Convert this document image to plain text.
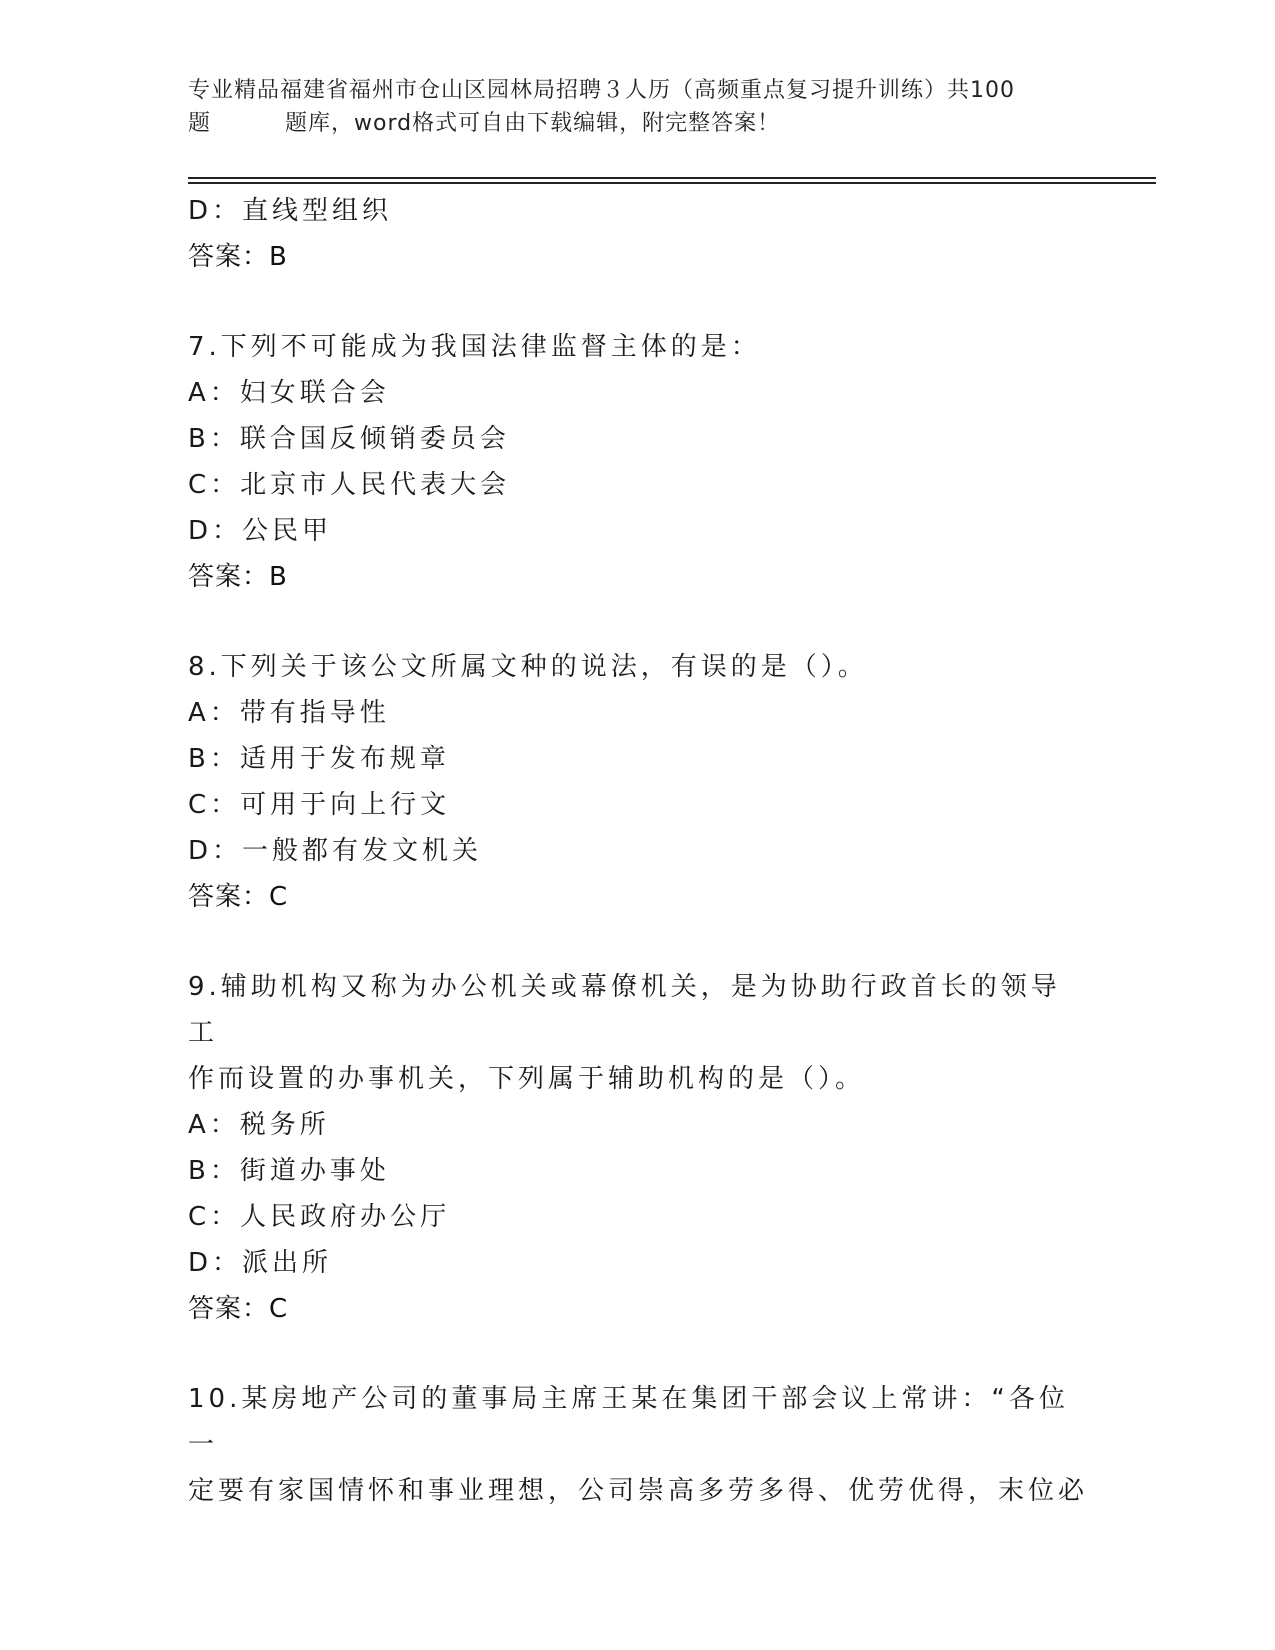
专业精品福建省福州市仓山区园林局招聘３人历（高频重点复习提升训练）共100
题	题库，word格式可自由下载编辑，附完整答案！
D：直线型组织
答案：B
7.下列不可能成为我国法律监督主体的是：
A：妇女联合会
B：联合国反倾销委员会
C：北京市人民代表大会
D：公民甲
答案：B
8.下列关于该公文所属文种的说法，有误的是（）。
A：带有指导性
B：适用于发布规章
C：可用于向上行文
D：一般都有发文机关
答案：C
9.辅助机构又称为办公机关或幕僚机关，是为协助行政首长的领导工
作而设置的办事机关，下列属于辅助机构的是（）。
A：税务所
B：街道办事处
C：人民政府办公厅
D：派出所
答案：C
10.某房地产公司的董事局主席王某在集团干部会议上常讲：“各位一
定要有家国情怀和事业理想，公司崇高多劳多得、优劳优得，末位必
